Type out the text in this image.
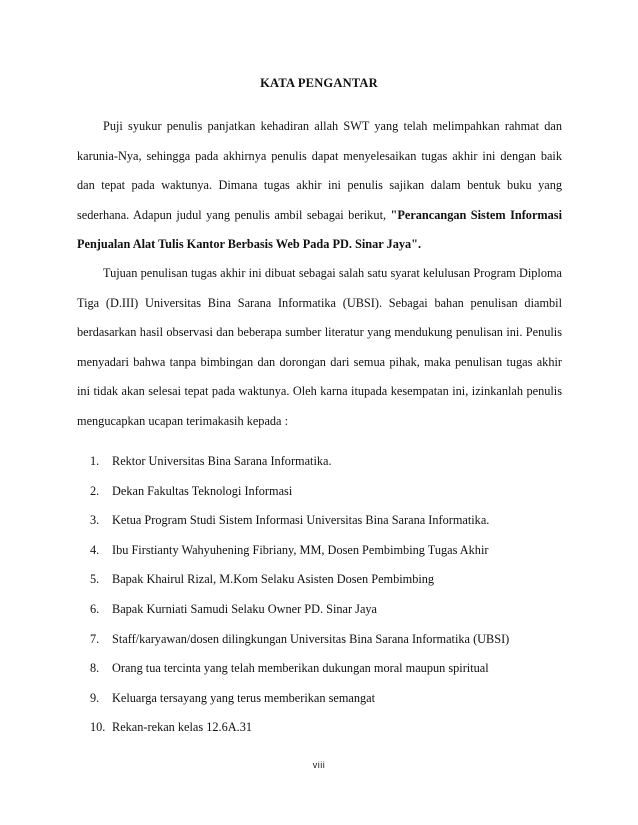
KATA PENGANTAR

Puji syukur penulis panjatkan kehadiran allah SWT yang telah melimpahkan rahmat dan karunia-Nya, sehingga pada akhirnya penulis dapat menyelesaikan tugas akhir ini dengan baik dan tepat pada waktunya. Dimana tugas akhir ini penulis sajikan dalam bentuk buku yang sederhana. Adapun judul yang penulis ambil sebagai berikut, "Perancangan Sistem Informasi Penjualan Alat Tulis Kantor Berbasis Web Pada PD. Sinar Jaya".

Tujuan penulisan tugas akhir ini dibuat sebagai salah satu syarat kelulusan Program Diploma Tiga (D.III) Universitas Bina Sarana Informatika (UBSI). Sebagai bahan penulisan diambil berdasarkan hasil observasi dan beberapa sumber literatur yang mendukung penulisan ini. Penulis menyadari bahwa tanpa bimbingan dan dorongan dari semua pihak, maka penulisan tugas akhir ini tidak akan selesai tepat pada waktunya. Oleh karna itupada kesempatan ini, izinkanlah penulis mengucapkan ucapan terimakasih kepada :

1. Rektor Universitas Bina Sarana Informatika.
2. Dekan Fakultas Teknologi Informasi
3. Ketua Program Studi Sistem Informasi Universitas Bina Sarana Informatika.
4. Ibu Firstianty Wahyuhening Fibriany, MM, Dosen Pembimbing Tugas Akhir
5. Bapak Khairul Rizal, M.Kom Selaku Asisten Dosen Pembimbing
6. Bapak Kurniati Samudi Selaku Owner PD. Sinar Jaya
7. Staff/karyawan/dosen dilingkungan Universitas Bina Sarana Informatika (UBSI)
8. Orang tua tercinta yang telah memberikan dukungan moral maupun spiritual
9. Keluarga tersayang yang terus memberikan semangat
10. Rekan-rekan kelas 12.6A.31
viii
